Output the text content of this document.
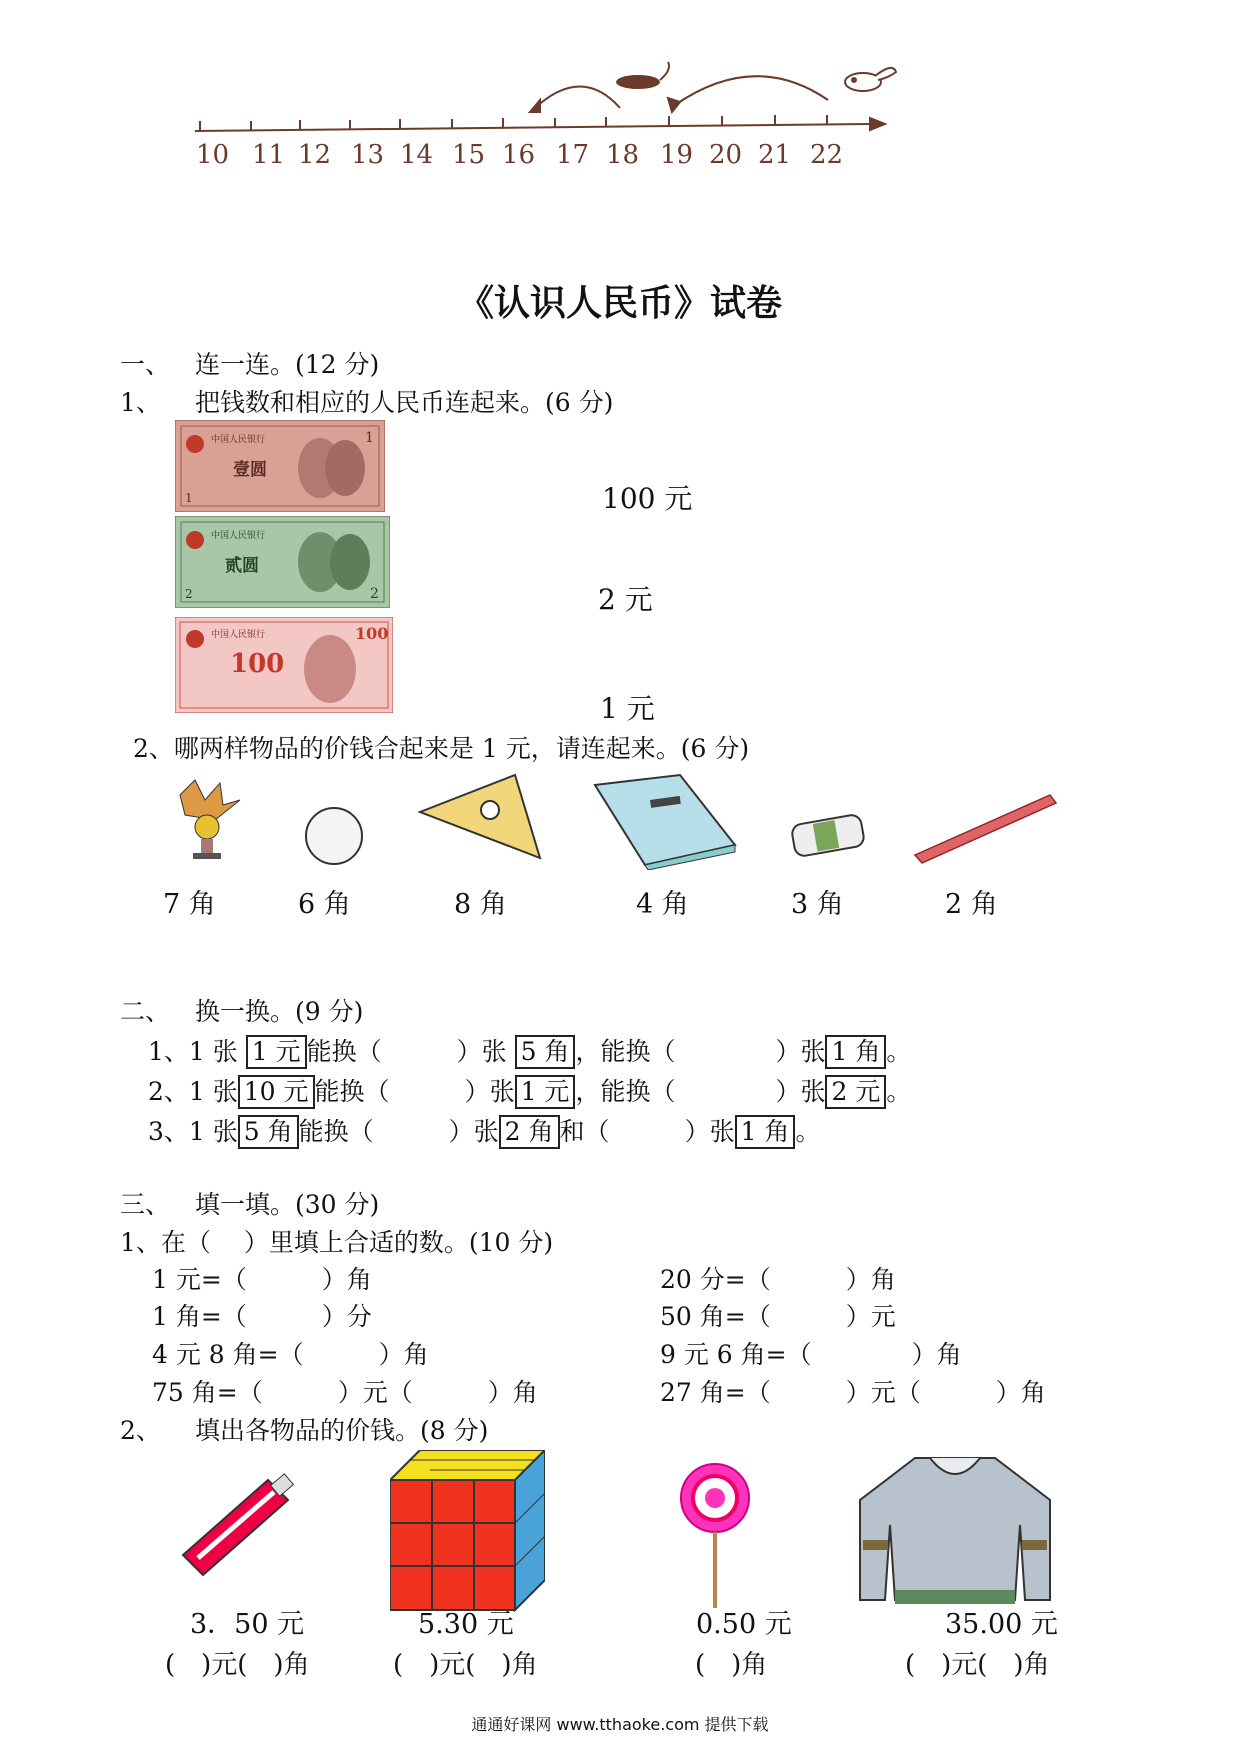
10 11 12 13 14 15 16 17 18 19 20 21 22
《认识人民币》试卷
一、 连一连。(12 分)
1、 把钱数和相应的人民币连起来。(6 分)
中国人民银行
壹圆
1
1
中国人民银行
贰圆
2
2
中国人民银行
100
100
100 元
2 元
1 元
2、哪两样物品的价钱合起来是 1 元，请连起来。(6 分)
7 角	6 角	8 角	4 角	3 角	2 角
二、 换一换。(9 分)
1、1 张 1 元 能换（　　　	）张 5 角 ，能换（　　　　	）张 1 角 。
2、1 张 10 元 能换（　　　	）张 1 元 ，能换（　　　　	）张 2 元 。
3、1 张 5 角 能换（　　　	）张 2 角 和（　　　	）张 1 角 。
三、 填一填。(30 分)
1、在（　 ）里填上合适的数。(10 分)
1 元=（　　　）角
1 角=（　　　）分
4 元 8 角=（　　　）角
75 角=（　　　）元（　　　）角
20 分=（　　　）角
50 角=（　　　）元
9 元 6 角=（　　　　）角
27 角=（　　　）元（　　　）角
2、 填出各物品的价钱。(8 分)
3．50 元	5.30 元	0.50 元	35.00 元
(　)元(　)角	(　)元(　)角	(　)角	(　)元(　)角
通通好课网 www.tthaoke.com 提供下载
